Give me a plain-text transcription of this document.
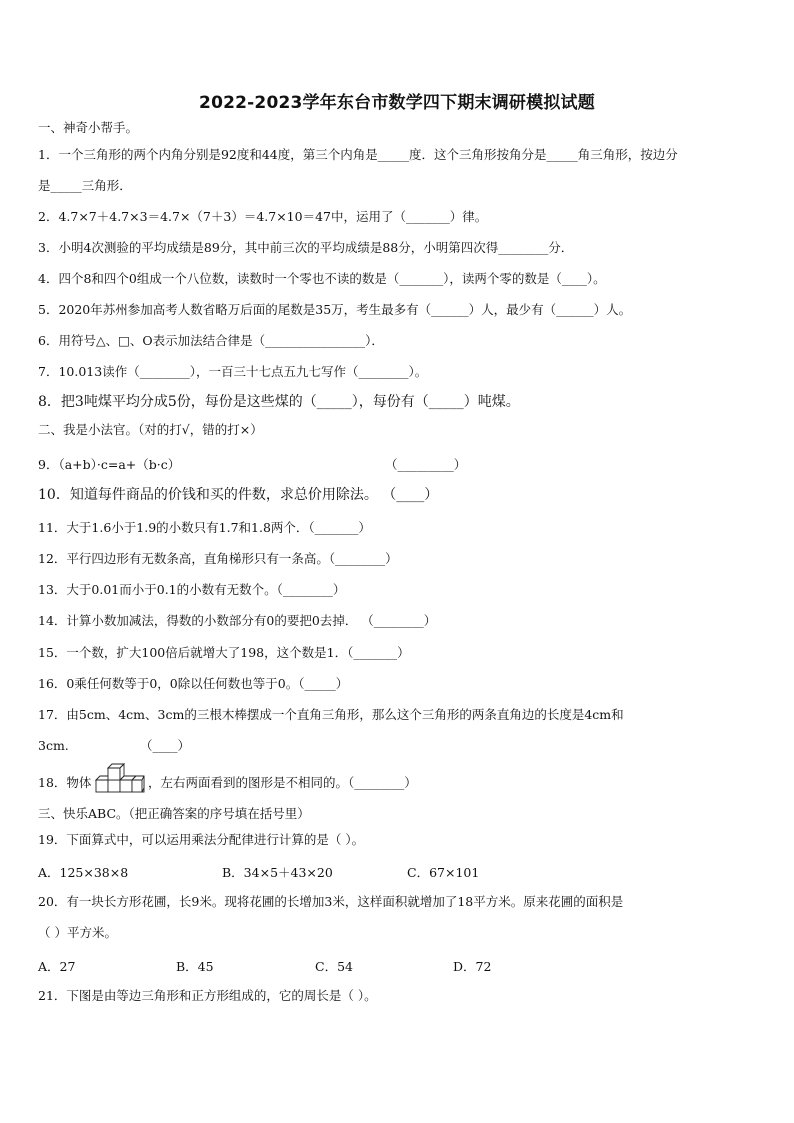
2022-2023学年东台市数学四下期末调研模拟试题
一、神奇小帮手。
1．一个三角形的两个内角分别是92度和44度，第三个内角是_____度．这个三角形按角分是_____角三角形，按边分
是_____三角形．
2．4.7×7＋4.7×3＝4.7×（7＋3）＝4.7×10＝47中，运用了（_______）律。
3．小明4次测验的平均成绩是89分，其中前三次的平均成绩是88分，小明第四次得________分．
4．四个8和四个0组成一个八位数，读数时一个零也不读的数是（_______），读两个零的数是（____）。
5．2020年苏州参加高考人数省略万后面的尾数是35万，考生最多有（______）人，最少有（______）人。
6．用符号△、□、O表示加法结合律是（________________）．
7．10.013读作（________），一百三十七点五九七写作（________）。
8．把3吨煤平均分成5份，每份是这些煤的（_____），每份有（_____）吨煤。
二、我是小法官。（对的打√，错的打×）
9．（a+b）·c=a+（b·c）	（_________）
10．知道每件商品的价钱和买的件数，求总价用除法。 （____）
11．大于1.6小于1.9的小数只有1.7和1.8两个．（_______）
12．平行四边形有无数条高，直角梯形只有一条高。（________）
13．大于0.01而小于0.1的小数有无数个。（________）
14．计算小数加减法，得数的小数部分有0的要把0去掉． （________）
15．一个数，扩大100倍后就增大了198，这个数是1．（_______）
16．0乘任何数等于0，0除以任何数也等于0。（_____）
17．由5cm、4cm、3cm的三根木棒摆成一个直角三角形，那么这个三角形的两条直角边的长度是4cm和
3cm.	（____）
18．物体	，左右两面看到的图形是不相同的。（________）
三、快乐ABC。（把正确答案的序号填在括号里）
19．下面算式中，可以运用乘法分配律进行计算的是（ ）。
A．125×38×8	B．34×5＋43×20	C．67×101
20．有一块长方形花圃，长9米。现将花圃的长增加3米，这样面积就增加了18平方米。原来花圃的面积是
（ ）平方米。
A．27	B．45	C．54	D．72
21．下图是由等边三角形和正方形组成的，它的周长是（ ）。
